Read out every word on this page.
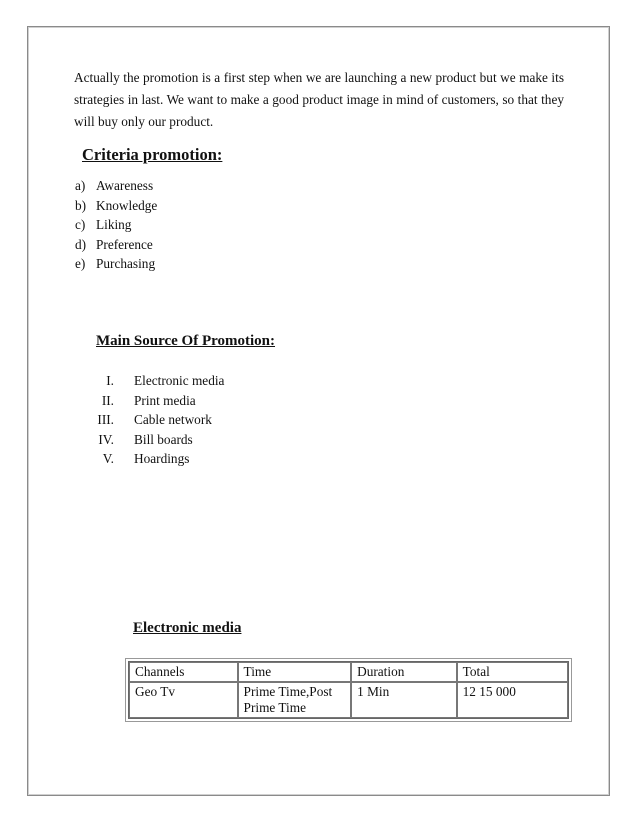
Actually the promotion is a first step when we are launching a new product but we make its strategies in last. We want to make a good product image in mind of customers, so that they will buy only our product.

Criteria promotion:
a) Awareness
b) Knowledge
c) Liking
d) Preference
e) Purchasing
Main Source Of Promotion:
I. Electronic media
II. Print media
III. Cable network
IV. Bill boards
V. Hoardings
Electronic media
Channels	Time	Duration	Total
Geo Tv	Prime Time,Post Prime Time	1 Min	12 15 000
